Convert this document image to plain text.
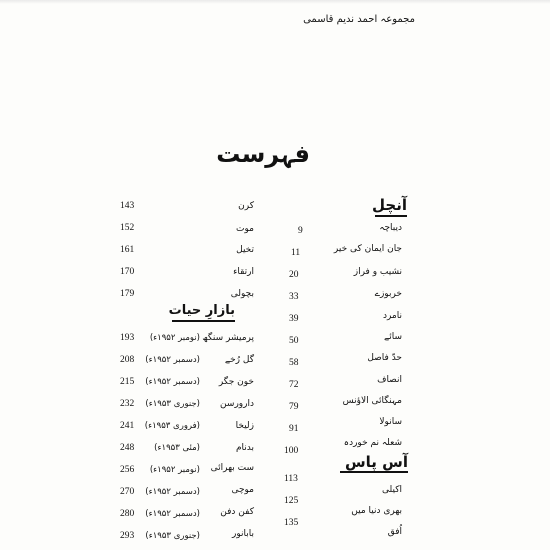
مجموعہ احمد ندیم قاسمی
فہرست
آنچل
دیباچہ
جان ایمان کی خیر
نشیب و فراز
خربوزے
نامرد
سائے
حدّ فاصل
انصاف
مہنگائی الاؤنس
سانولا
شعلہ نم خوردہ
آس پاس
اکیلی
بھری دنیا میں
اُفق
9
موت
11
تخیل
20
ارتقاء
33
بچولی
39
بازارِ حیات
50
پرمیشر سنگھ
58
گل رُخے
72
خون جگر
79
دارورسن
91
زلیخا
100
بدنام
113
ست بھرائی
125
موچی
135
کفن دفن
بابانور
کرن
143
152
161
170
179
193 (نومبر ۱۹۵۲ء)
208 (دسمبر ۱۹۵۲ء)
215 (دسمبر ۱۹۵۲ء)
232 (جنوری ۱۹۵۳ء)
241 (فروری ۱۹۵۳ء)
248 (مئی ۱۹۵۳ء)
256 (نومبر ۱۹۵۲ء)
270 (دسمبر ۱۹۵۲ء)
280 (دسمبر ۱۹۵۲ء)
293 (جنوری ۱۹۵۳ء)
